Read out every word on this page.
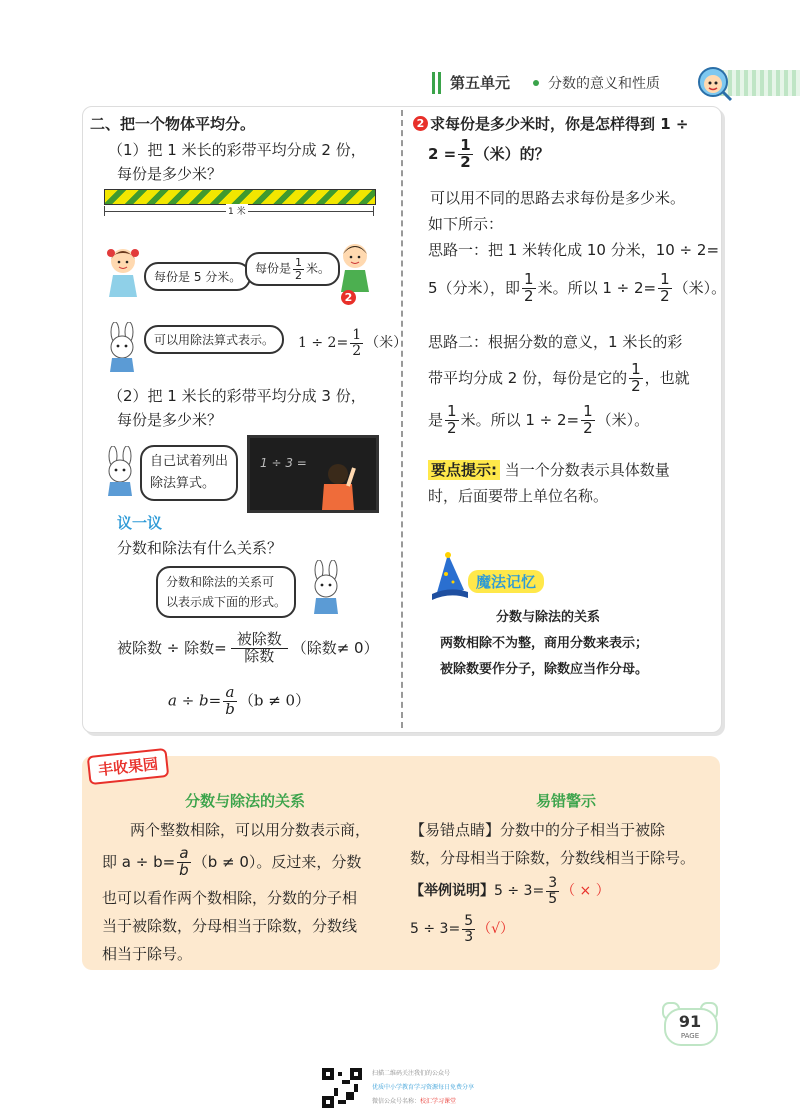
第五单元	分数的意义和性质
二、把一个物体平均分。
（1）把 1 米长的彩带平均分成 2 份，
每份是多少米？
1 米
每份是 5 分米。
每份是 $\frac{1}{2}$ 米。
2
可以用除法算式表示。	$1 \div 2= \frac{1}{2}$ （米）
（2）把 1 米长的彩带平均分成 3 份，
每份是多少米？
自己试着列出
除法算式。
1 ÷ 3 =
议一议
分数和除法有什么关系？
分数和除法的关系可
以表示成下面的形式。
被除数 ÷ 除数= $\frac{\text{被除数}}{\text{除数}}$ （除数≠ 0）
$a \div b= \frac{a}{b} (b \ne 0)$
2 求每份是多少米时，你是怎样得到 1 ÷
$2 = \frac{1}{2}$ （米）的？
可以用不同的思路去求每份是多少米。
如下所示：
思路一：把 1 米转化成 10 分米，10 ÷ 2=
5（分米），即 $\frac{1}{2}$ 米。所以 $1 \div 2= \frac{1}{2}$ （米）。
思路二：根据分数的意义，1 米长的彩
带平均分成 2 份，每份是它的 $\frac{1}{2}$ ，也就
是 $\frac{1}{2}$ 米。所以 $1 \div 2= \frac{1}{2}$ （米）。
要点提示: 当一个分数表示具体数量
时，后面要带上单位名称。
魔法记忆
分数与除法的关系
两数相除不为整，商用分数来表示；
被除数要作分子，除数应当作分母。
丰收果园
分数与除法的关系
两个整数相除，可以用分数表示商，
即 $a \div b= \frac{a}{b} (b \ne 0)$。反过来，分数
也可以看作两个数相除，分数的分子相
当于被除数，分母相当于除数，分数线
相当于除号。
易错警示
【易错点睛】分数中的分子相当于被除
数，分母相当于除数，分数线相当于除号。
【举例说明】$5 \div 3= \frac{3}{5}$ （ × ）
$5 \div 3= \frac{5}{3}$ （√）
91
PAGE
扫描二维码关注我们的公众号
优质中小学教育学习资源每日免费分享
微信公众号名称：校汇学习课堂
